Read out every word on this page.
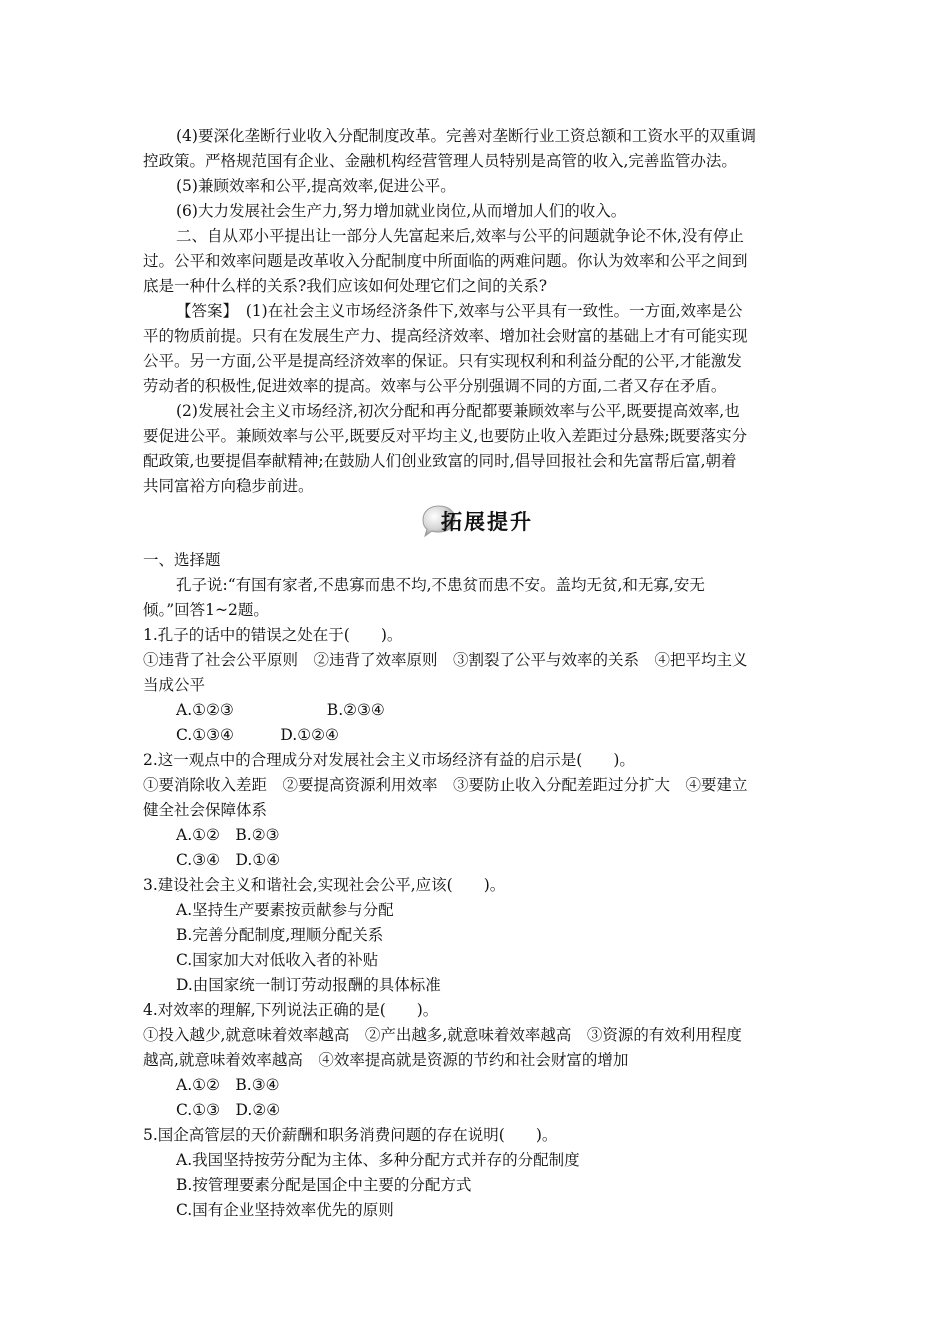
(4)要深化垄断行业收入分配制度改革。完善对垄断行业工资总额和工资水平的双重调

控政策。严格规范国有企业、金融机构经营管理人员特别是高管的收入,完善监管办法。

(5)兼顾效率和公平,提高效率,促进公平。

(6)大力发展社会生产力,努力增加就业岗位,从而增加人们的收入。

二、自从邓小平提出让一部分人先富起来后,效率与公平的问题就争论不休,没有停止

过。公平和效率问题是改革收入分配制度中所面临的两难问题。你认为效率和公平之间到

底是一种什么样的关系?我们应该如何处理它们之间的关系?

【答案】　(1)在社会主义市场经济条件下,效率与公平具有一致性。一方面,效率是公

平的物质前提。只有在发展生产力、提高经济效率、增加社会财富的基础上才有可能实现

公平。另一方面,公平是提高经济效率的保证。只有实现权利和利益分配的公平,才能激发

劳动者的积极性,促进效率的提高。效率与公平分别强调不同的方面,二者又存在矛盾。

(2)发展社会主义市场经济,初次分配和再分配都要兼顾效率与公平,既要提高效率,也

要促进公平。兼顾效率与公平,既要反对平均主义,也要防止收入差距过分悬殊;既要落实分

配政策,也要提倡奉献精神;在鼓励人们创业致富的同时,倡导回报社会和先富帮后富,朝着

共同富裕方向稳步前进。

拓展提升

一、选择题

孔子说:“有国有家者,不患寡而患不均,不患贫而患不安。盖均无贫,和无寡,安无

倾。”回答1~2题。

1.孔子的话中的错误之处在于(　　)。

①违背了社会公平原则　②违背了效率原则　③割裂了公平与效率的关系　④把平均主义

当成公平

A.①②③　　　　　　B.②③④

C.①③④　　　D.①②④

2.这一观点中的合理成分对发展社会主义市场经济有益的启示是(　　)。

①要消除收入差距　②要提高资源利用效率　③要防止收入分配差距过分扩大　④要建立

健全社会保障体系

A.①②　B.②③

C.③④　D.①④

3.建设社会主义和谐社会,实现社会公平,应该(　　)。

A.坚持生产要素按贡献参与分配

B.完善分配制度,理顺分配关系

C.国家加大对低收入者的补贴

D.由国家统一制订劳动报酬的具体标准

4.对效率的理解,下列说法正确的是(　　)。

①投入越少,就意味着效率越高　②产出越多,就意味着效率越高　③资源的有效利用程度

越高,就意味着效率越高　④效率提高就是资源的节约和社会财富的增加

A.①②　B.③④

C.①③　D.②④

5.国企高管层的天价薪酬和职务消费问题的存在说明(　　)。

A.我国坚持按劳分配为主体、多种分配方式并存的分配制度

B.按管理要素分配是国企中主要的分配方式

C.国有企业坚持效率优先的原则
